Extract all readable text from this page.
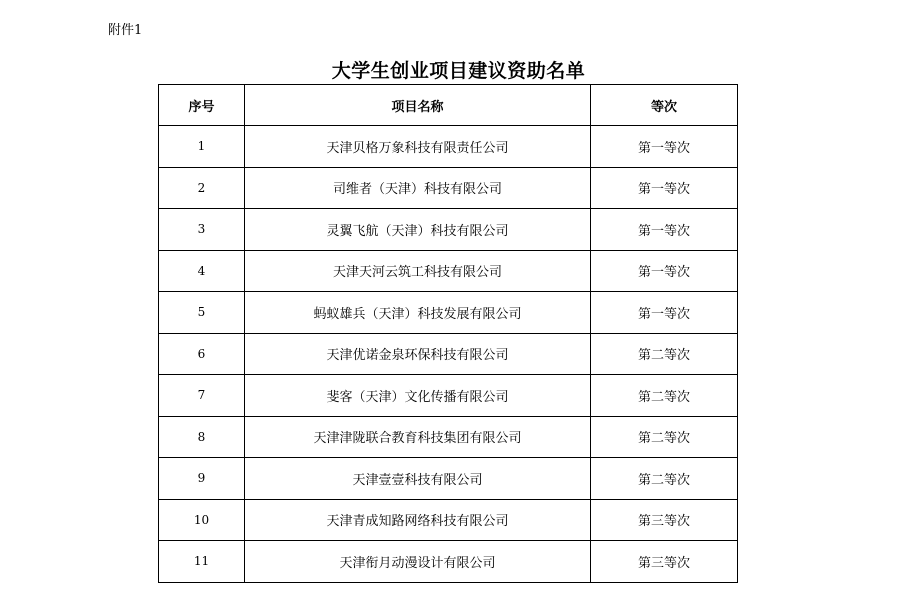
附件1
大学生创业项目建议资助名单
序号	项目名称	等次
1	天津贝格万象科技有限责任公司	第一等次
2	司维者（天津）科技有限公司	第一等次
3	灵翼飞航（天津）科技有限公司	第一等次
4	天津天河云筑工科技有限公司	第一等次
5	蚂蚁雄兵（天津）科技发展有限公司	第一等次
6	天津优诺金泉环保科技有限公司	第二等次
7	斐客（天津）文化传播有限公司	第二等次
8	天津津陇联合教育科技集团有限公司	第二等次
9	天津壹壹科技有限公司	第二等次
10	天津青成知路网络科技有限公司	第三等次
11	天津衔月动漫设计有限公司	第三等次
